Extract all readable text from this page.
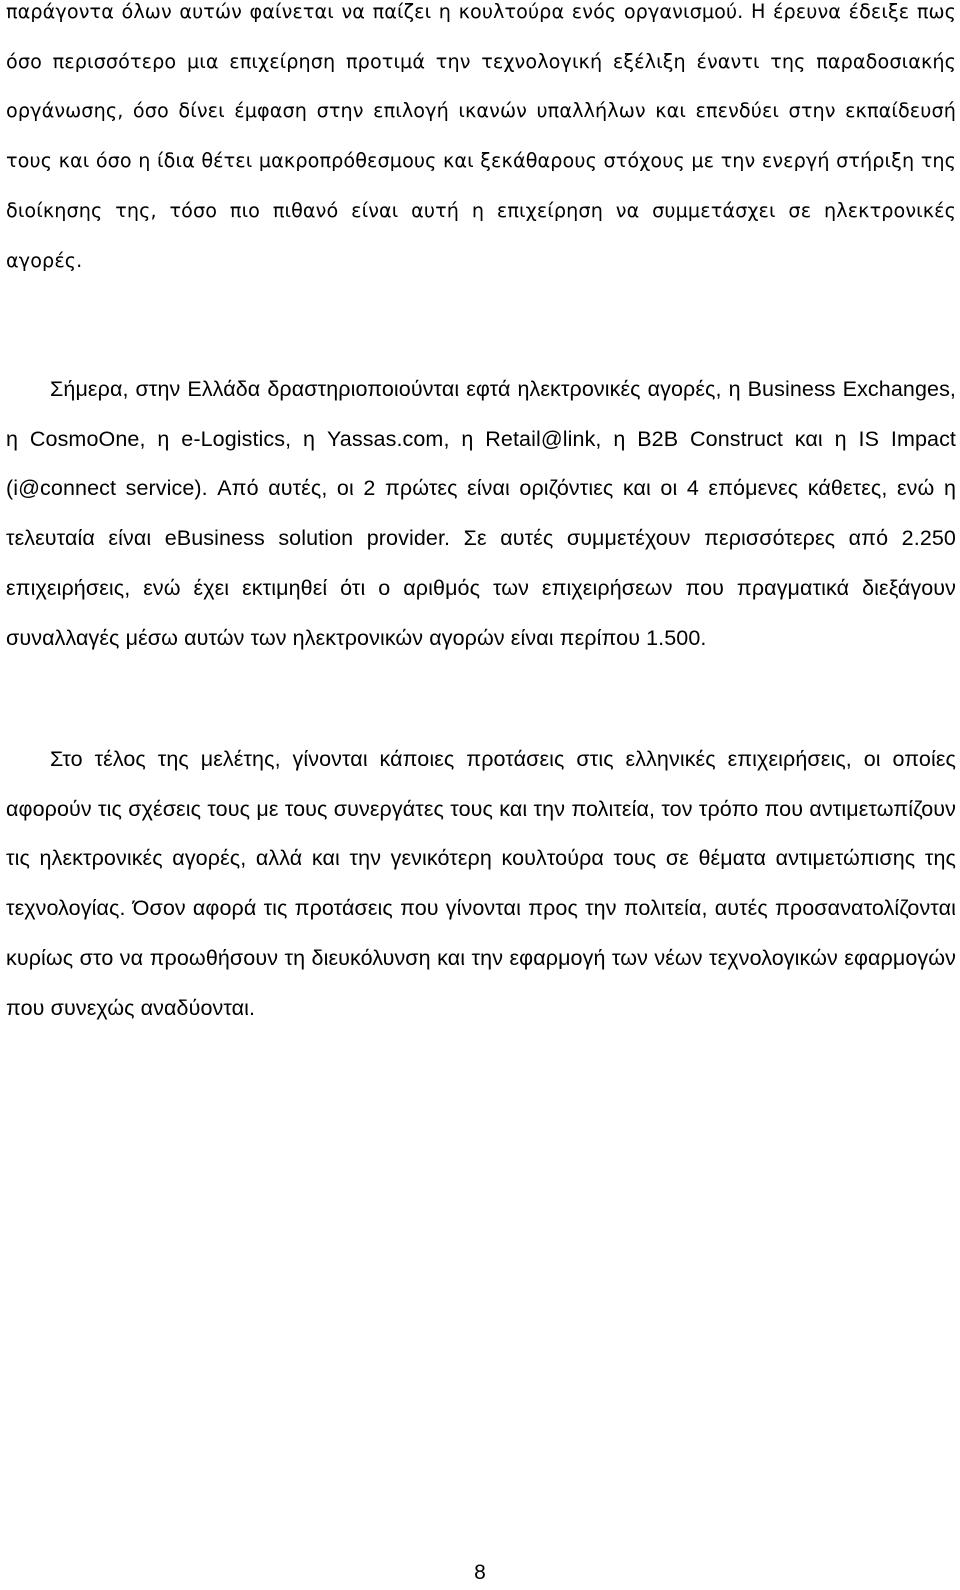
παράγοντα όλων αυτών φαίνεται να παίζει η κουλτούρα ενός οργανισμού. Η έρευνα έδειξε πως όσο περισσότερο μια επιχείρηση προτιμά την τεχνολογική εξέλιξη έναντι της παραδοσιακής οργάνωσης, όσο δίνει έμφαση στην επιλογή ικανών υπαλλήλων και επενδύει στην εκπαίδευσή τους και όσο η ίδια θέτει μακροπρόθεσμους και ξεκάθαρους στόχους με την ενεργή στήριξη της διοίκησης της, τόσο πιο πιθανό είναι αυτή η επιχείρηση να συμμετάσχει σε ηλεκτρονικές αγορές.

Σήμερα, στην Ελλάδα δραστηριοποιούνται εφτά ηλεκτρονικές αγορές, η Business Exchanges, η CosmoOne, η e-Logistics, η Yassas.com, η Retail@link, η B2B Construct και η IS Impact (i@connect service). Από αυτές, οι 2 πρώτες είναι οριζόντιες και οι 4 επόμενες κάθετες, ενώ η τελευταία είναι eBusiness solution provider. Σε αυτές συμμετέχουν περισσότερες από 2.250 επιχειρήσεις, ενώ έχει εκτιμηθεί ότι ο αριθμός των επιχειρήσεων που πραγματικά διεξάγουν συναλλαγές μέσω αυτών των ηλεκτρονικών αγορών είναι περίπου 1.500.

Στο τέλος της μελέτης, γίνονται κάποιες προτάσεις στις ελληνικές επιχειρήσεις, οι οποίες αφορούν τις σχέσεις τους με τους συνεργάτες τους και την πολιτεία, τον τρόπο που αντιμετωπίζουν τις ηλεκτρονικές αγορές, αλλά και την γενικότερη κουλτούρα τους σε θέματα αντιμετώπισης της τεχνολογίας. Όσον αφορά τις προτάσεις που γίνονται προς την πολιτεία, αυτές προσανατολίζονται κυρίως στο να προωθήσουν τη διευκόλυνση και την εφαρμογή των νέων τεχνολογικών εφαρμογών που συνεχώς αναδύονται.

8
